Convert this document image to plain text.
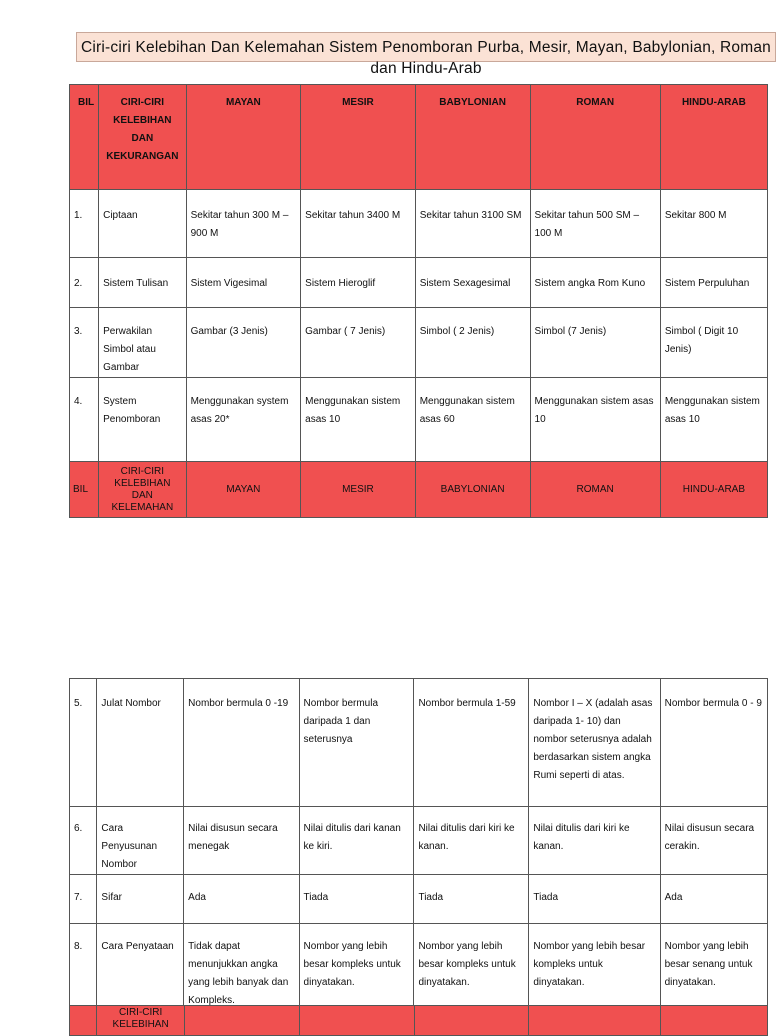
Ciri-ciri Kelebihan Dan Kelemahan Sistem Penomboran Purba, Mesir, Mayan, Babylonian, Roman dan Hindu-Arab
BIL	CIRI-CIRI KELEBIHAN DAN KEKURANGAN	MAYAN	MESIR	BABYLONIAN	ROMAN	HINDU-ARAB
1.	Ciptaan	Sekitar tahun 300 M – 900 M	Sekitar tahun 3400 M	Sekitar tahun 3100 SM	Sekitar tahun 500 SM – 100 M	Sekitar 800 M
2.	Sistem Tulisan	Sistem Vigesimal	Sistem Hieroglif	Sistem Sexagesimal	Sistem angka Rom Kuno	Sistem Perpuluhan
3.	Perwakilan Simbol atau Gambar	Gambar (3 Jenis)	Gambar ( 7 Jenis)	Simbol ( 2 Jenis)	Simbol (7 Jenis)	Simbol ( Digit 10 Jenis)
4.	System Penomboran	Menggunakan system asas 20*	Menggunakan sistem asas 10	Menggunakan sistem asas 60	Menggunakan sistem asas 10	Menggunakan sistem asas 10
BIL	CIRI-CIRI KELEBIHAN DAN KELEMAHAN	MAYAN	MESIR	BABYLONIAN	ROMAN	HINDU-ARAB
5.	Julat Nombor	Nombor bermula 0 -19	Nombor bermula daripada 1 dan seterusnya	Nombor bermula 1-59	Nombor I – X (adalah asas daripada 1- 10) dan nombor seterusnya adalah berdasarkan sistem angka Rumi seperti di atas.	Nombor bermula 0 - 9
6.	Cara Penyusunan Nombor	Nilai disusun secara menegak	Nilai ditulis dari kanan ke kiri.	Nilai ditulis dari kiri ke kanan.	Nilai ditulis dari kiri ke kanan.	Nilai disusun secara cerakin.
7.	Sifar	Ada	Tiada	Tiada	Tiada	Ada
8.	Cara Penyataan	Tidak dapat menunjukkan angka yang lebih banyak dan Kompleks.	Nombor yang lebih besar kompleks untuk dinyatakan.	Nombor yang lebih besar kompleks untuk dinyatakan.	Nombor yang lebih besar kompleks untuk dinyatakan.	Nombor yang lebih besar senang untuk dinyatakan.
	CIRI-CIRI KELEBIHAN					
